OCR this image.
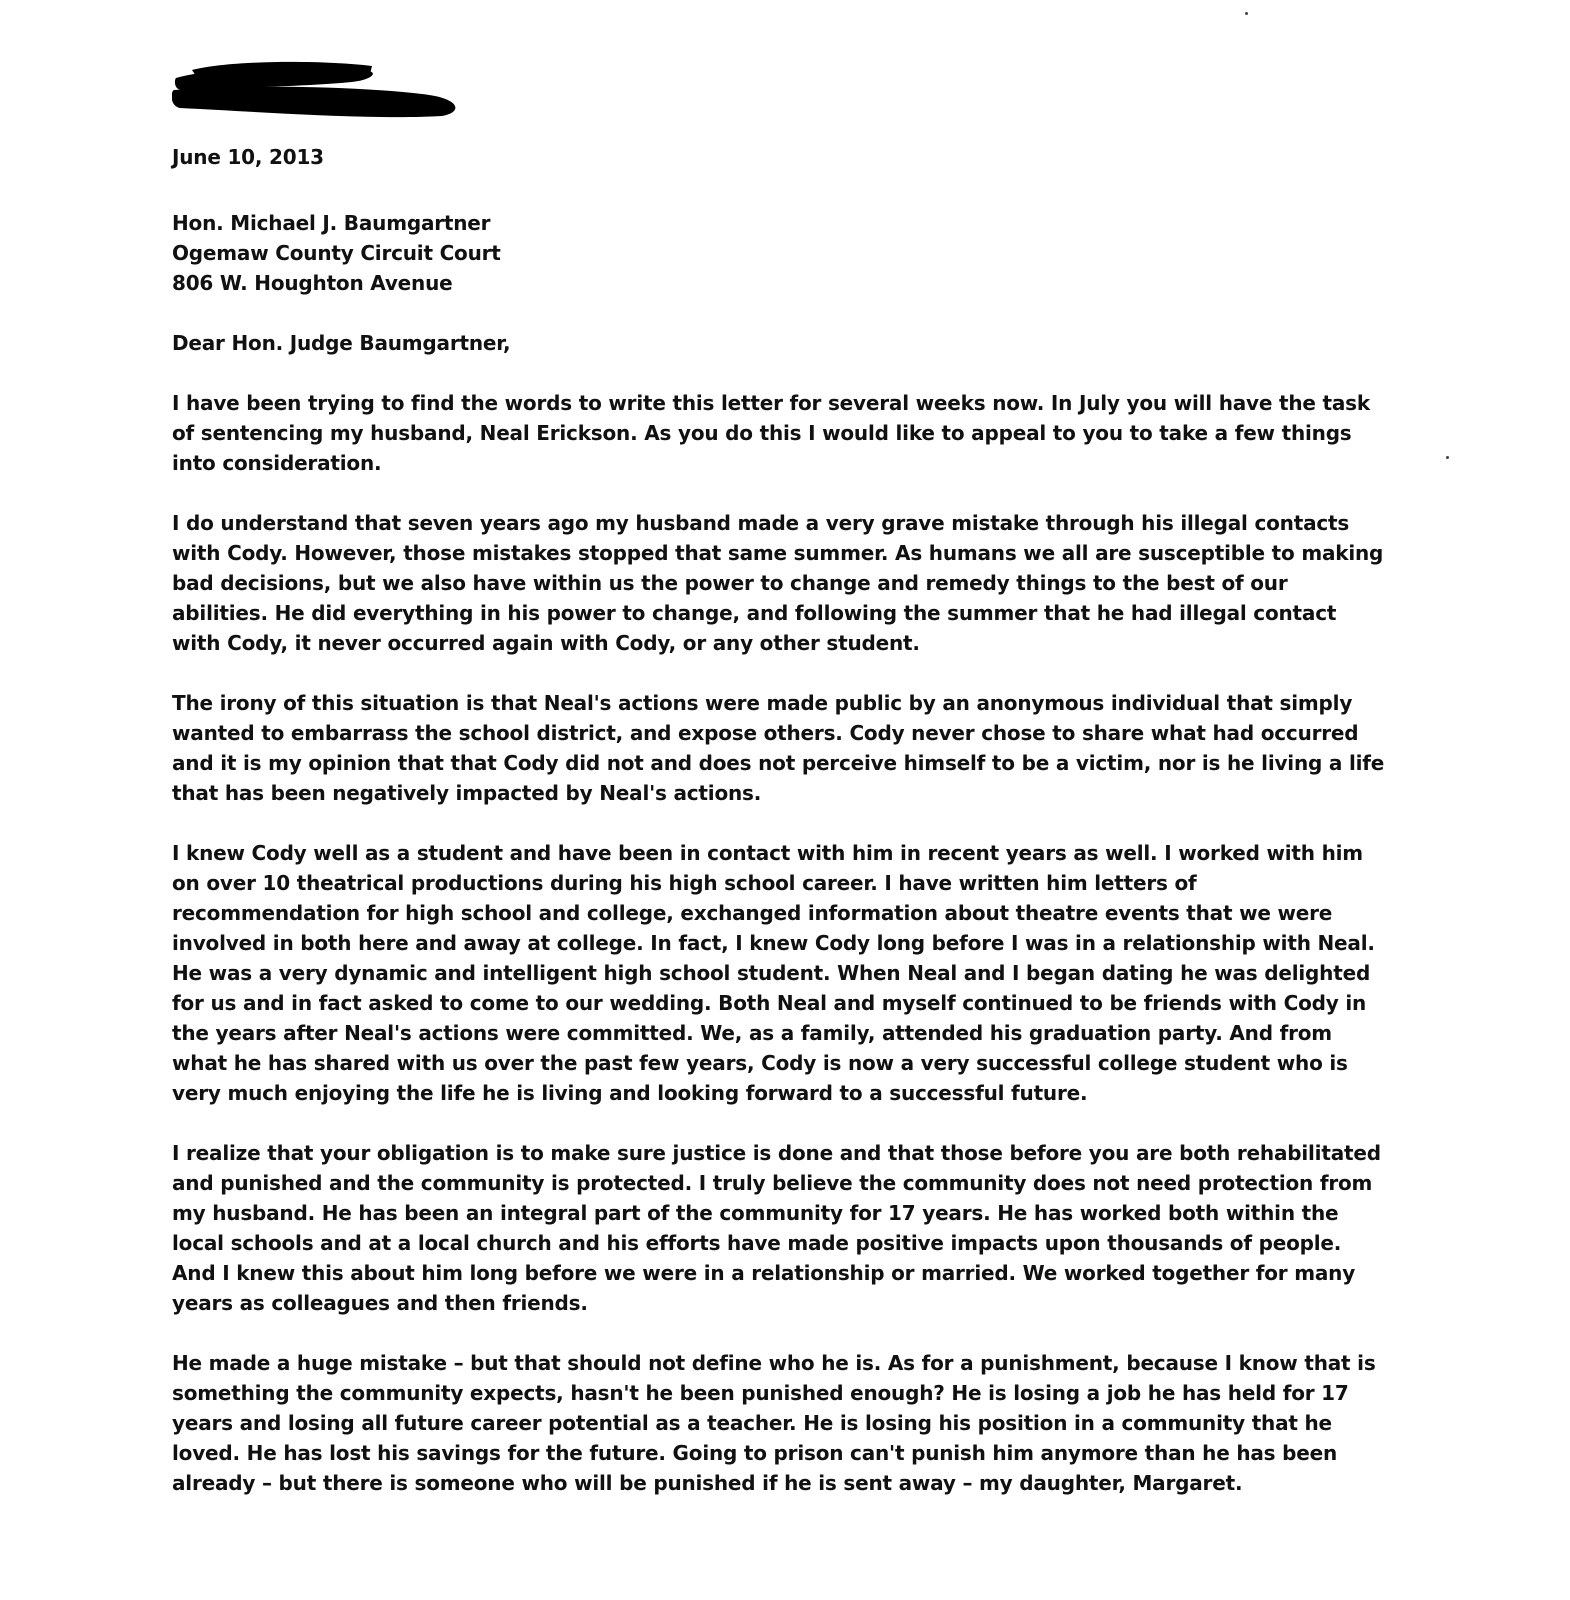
June 10, 2013
Hon. Michael J. Baumgartner
Ogemaw County Circuit Court
806 W. Houghton Avenue
Dear Hon. Judge Baumgartner,

I have been trying to find the words to write this letter for several weeks now. In July you will have the task of sentencing my husband, Neal Erickson. As you do this I would like to appeal to you to take a few things into consideration.

I do understand that seven years ago my husband made a very grave mistake through his illegal contacts with Cody. However, those mistakes stopped that same summer. As humans we all are susceptible to making bad decisions, but we also have within us the power to change and remedy things to the best of our abilities. He did everything in his power to change, and following the summer that he had illegal contact with Cody, it never occurred again with Cody, or any other student.

The irony of this situation is that Neal's actions were made public by an anonymous individual that simply wanted to embarrass the school district, and expose others. Cody never chose to share what had occurred and it is my opinion that that Cody did not and does not perceive himself to be a victim, nor is he living a life that has been negatively impacted by Neal's actions.

I knew Cody well as a student and have been in contact with him in recent years as well. I worked with him on over 10 theatrical productions during his high school career. I have written him letters of recommendation for high school and college, exchanged information about theatre events that we were involved in both here and away at college. In fact, I knew Cody long before I was in a relationship with Neal. He was a very dynamic and intelligent high school student. When Neal and I began dating he was delighted for us and in fact asked to come to our wedding. Both Neal and myself continued to be friends with Cody in the years after Neal's actions were committed. We, as a family, attended his graduation party. And from what he has shared with us over the past few years, Cody is now a very successful college student who is very much enjoying the life he is living and looking forward to a successful future.

I realize that your obligation is to make sure justice is done and that those before you are both rehabilitated and punished and the community is protected. I truly believe the community does not need protection from my husband. He has been an integral part of the community for 17 years. He has worked both within the local schools and at a local church and his efforts have made positive impacts upon thousands of people. And I knew this about him long before we were in a relationship or married. We worked together for many years as colleagues and then friends.

He made a huge mistake – but that should not define who he is. As for a punishment, because I know that is something the community expects, hasn't he been punished enough? He is losing a job he has held for 17 years and losing all future career potential as a teacher. He is losing his position in a community that he loved. He has lost his savings for the future. Going to prison can't punish him anymore than he has been already – but there is someone who will be punished if he is sent away – my daughter, Margaret.
